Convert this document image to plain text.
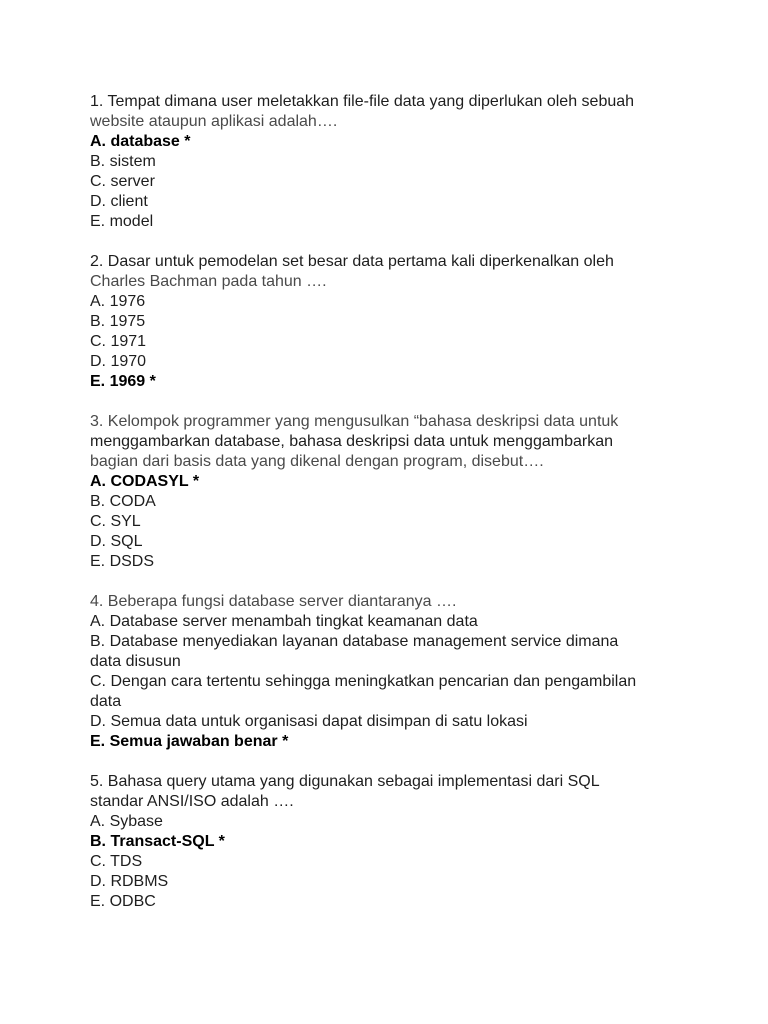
1. Tempat dimana user meletakkan file-file data yang diperlukan oleh sebuah
website ataupun aplikasi adalah….
A. database *
B. sistem
C. server
D. client
E. model
2. Dasar untuk pemodelan set besar data pertama kali diperkenalkan oleh
Charles Bachman pada tahun ….
A. 1976
B. 1975
C. 1971
D. 1970
E. 1969 *
3. Kelompok programmer yang mengusulkan “bahasa deskripsi data untuk
menggambarkan database, bahasa deskripsi data untuk menggambarkan
bagian dari basis data yang dikenal dengan program, disebut….
A. CODASYL *
B. CODA
C. SYL
D. SQL
E. DSDS
4. Beberapa fungsi database server diantaranya ….
A. Database server menambah tingkat keamanan data
B. Database menyediakan layanan database management service dimana
data disusun
C. Dengan cara tertentu sehingga meningkatkan pencarian dan pengambilan
data
D. Semua data untuk organisasi dapat disimpan di satu lokasi
E. Semua jawaban benar *
5. Bahasa query utama yang digunakan sebagai implementasi dari SQL
standar ANSI/ISO adalah ….
A. Sybase
B. Transact-SQL *
C. TDS
D. RDBMS
E. ODBC
